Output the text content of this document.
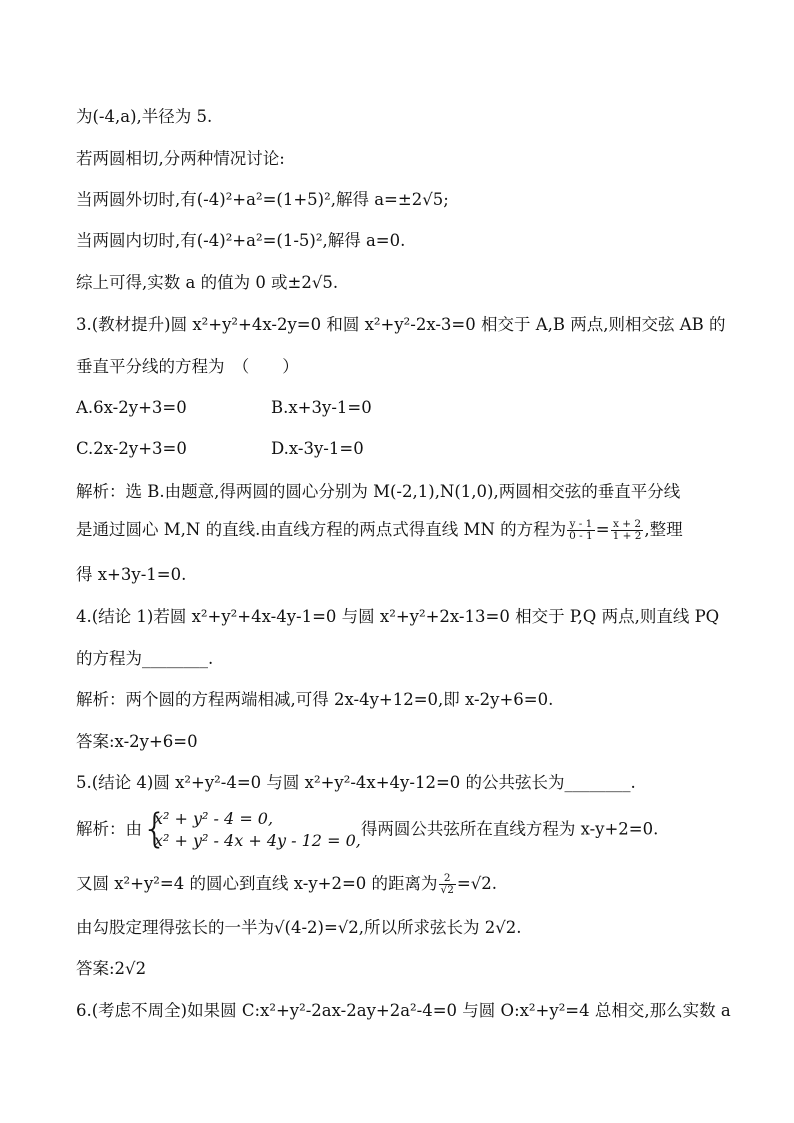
为(-4,a),半径为 5.
若两圆相切,分两种情况讨论:
当两圆外切时,有(-4)²+a²=(1+5)²,解得 a=±2√5;
当两圆内切时,有(-4)²+a²=(1-5)²,解得 a=0.
综上可得,实数 a 的值为 0 或±2√5.
3.(教材提升)圆 x²+y²+4x-2y=0 和圆 x²+y²-2x-3=0 相交于 A,B 两点,则相交弦 AB 的
垂直平分线的方程为　（　　）
A.6x-2y+3=0	B.x+3y-1=0
C.2x-2y+3=0	D.x-3y-1=0
解析：选 B.由题意,得两圆的圆心分别为 M(-2,1),N(1,0),两圆相交弦的垂直平分线
是通过圆心 M,N 的直线.由直线方程的两点式得直线 MN 的方程为 $\frac{y - 1}{0 - 1} = \frac{x + 2}{1 + 2}$ ,整理
得 x+3y-1=0.
4.(结论 1)若圆 x²+y²+4x-4y-1=0 与圆 x²+y²+2x-13=0 相交于 P,Q 两点,则直线 PQ
的方程为________.
解析：两个圆的方程两端相减,可得 2x-4y+12=0,即 x-2y+6=0.
答案:x-2y+6=0
5.(结论 4)圆 x²+y²-4=0 与圆 x²+y²-4x+4y-12=0 的公共弦长为________.
解析：由 {
x² + y² - 4 = 0,
x² + y² - 4x + 4y - 12 = 0,
得两圆公共弦所在直线方程为 x-y+2=0.
又圆 x²+y²=4 的圆心到直线 x-y+2=0 的距离为 $\frac{2}{√2} =√2$.
由勾股定理得弦长的一半为√(4-2)=√2,所以所求弦长为 2√2.
答案:2√2
6.(考虑不周全)如果圆 C:x²+y²-2ax-2ay+2a²-4=0 与圆 O:x²+y²=4 总相交,那么实数 a
